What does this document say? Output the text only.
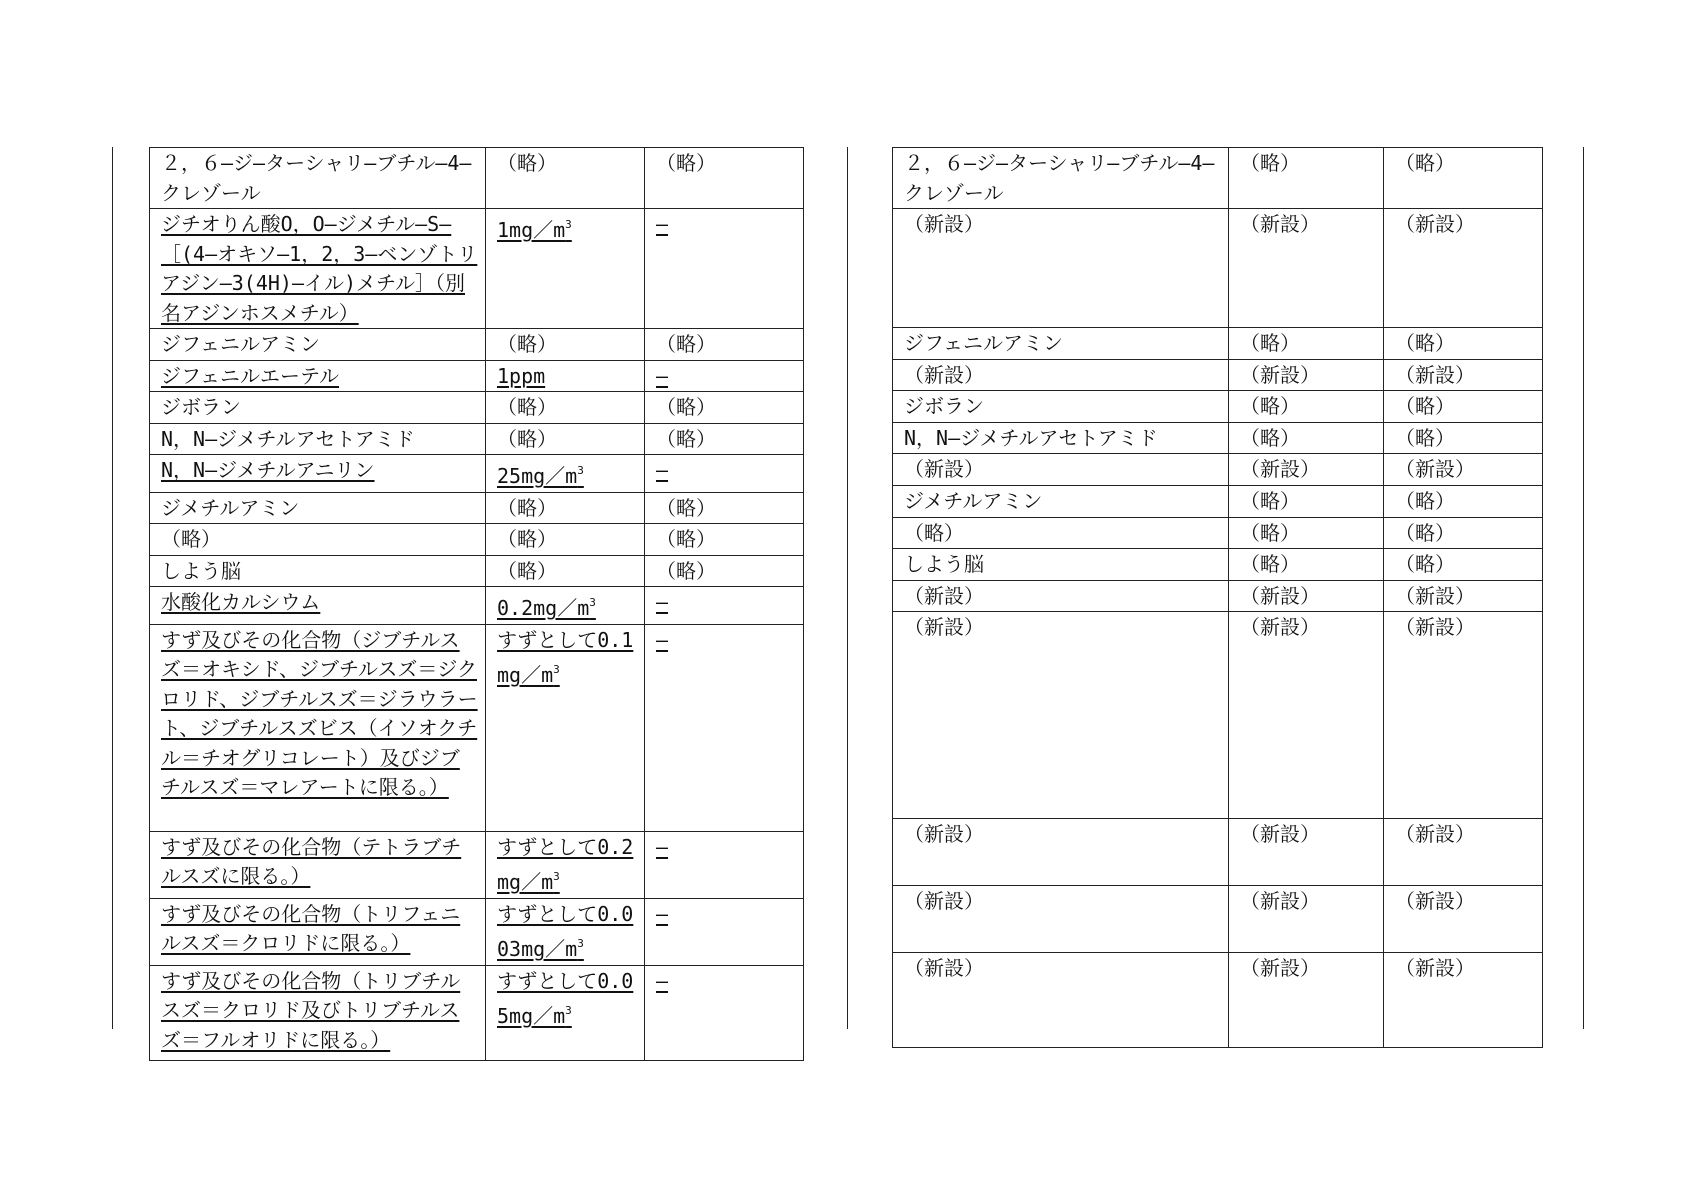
２，６―ジ―ターシャリ―ブチル―4―クレゾール	（略）	（略）
ジチオりん酸O，O―ジメチル―S―［(4―オキソ―1，2，3―ベンゾトリアジン―3(4H)―イル)メチル］（別名アジンホスメチル）	$1mg/m^3$	―
ジフェニルアミン	（略）	（略）
ジフェニルエーテル	1ppm	―
ジボラン	（略）	（略）
N，N―ジメチルアセトアミド	（略）	（略）
N，N―ジメチルアニリン	$25mg/m^3$	―
ジメチルアミン	（略）	（略）
（略）	（略）	（略）
しよう脳	（略）	（略）
水酸化カルシウム	$0.2mg/m^3$	―
すず及びその化合物（ジブチルスズ＝オキシド、ジブチルスズ＝ジクロリド、ジブチルスズ＝ジラウラート、ジブチルスズビス（イソオクチル＝チオグリコレート）及びジブチルスズ＝マレアートに限る。）	すずとして$0.1mg/m^3$	―
すず及びその化合物（テトラブチルスズに限る。）	すずとして$0.2mg/m^3$	―
すず及びその化合物（トリフェニルスズ＝クロリドに限る。）	すずとして$0.003mg/m^3$	―
すず及びその化合物（トリブチルスズ＝クロリド及びトリブチルスズ＝フルオリドに限る。）	すずとして$0.05mg/m^3$	―
２，６―ジ―ターシャリ―ブチル―4―クレゾール	（略）	（略）
（新設）	（新設）	（新設）
ジフェニルアミン	（略）	（略）
（新設）	（新設）	（新設）
ジボラン	（略）	（略）
N，N―ジメチルアセトアミド	（略）	（略）
（新設）	（新設）	（新設）
ジメチルアミン	（略）	（略）
（略）	（略）	（略）
しよう脳	（略）	（略）
（新設）	（新設）	（新設）
（新設）	（新設）	（新設）
（新設）	（新設）	（新設）
（新設）	（新設）	（新設）
（新設）	（新設）	（新設）
